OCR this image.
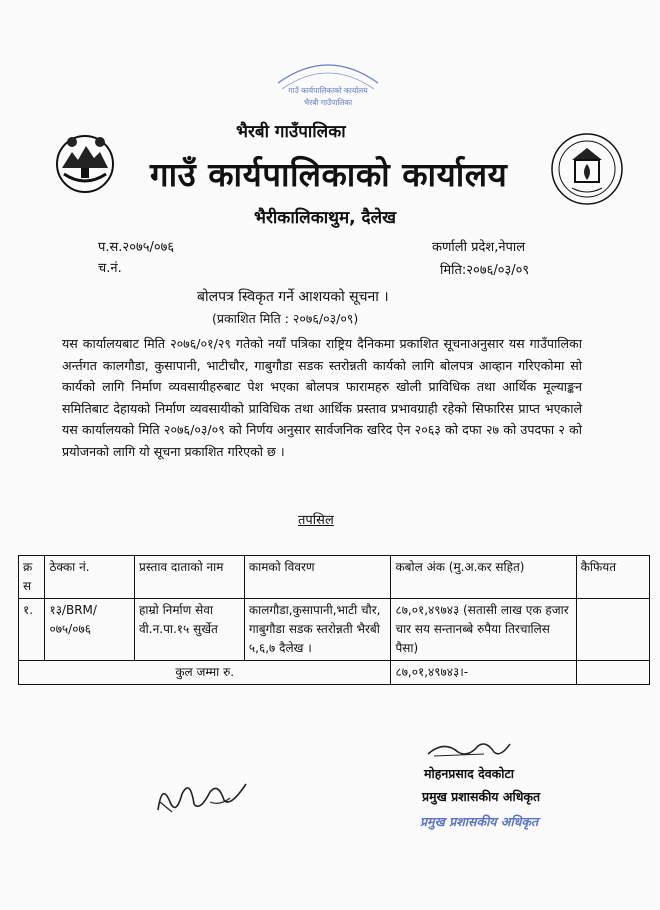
गाउँ कार्यपालिकाको कार्यालय
भैरबी गाउँपालिका
भैरबी गाउँपालिका
गाउँ कार्यपालिकाको कार्यालय
भैरीकालिकाथुम, दैलेख
प.स.२०७५/०७६
च.नं.
कर्णाली प्रदेश,नेपाल
मिति:२०७६/०३/०९
बोलपत्र स्विकृत गर्ने आशयको सूचना ।
(प्रकाशित मिति : २०७६/०३/०९)

यस कार्यालयबाट मिति २०७६/०१/२९ गतेको नयाँ पत्रिका राष्ट्रिय दैनिकमा प्रकाशित सूचनाअनुसार यस गाउँपालिका अर्न्तगत कालगौडा, कुसापानी, भाटीचौर, गाबुगौडा सडक स्तरोन्नती कार्यको लागि बोलपत्र आव्हान गरिएकोमा सो कार्यको लागि निर्माण व्यवसायीहरुबाट पेश भएका बोलपत्र फारामहरु खोली प्राविधिक तथा आर्थिक मूल्याङ्कन समितिबाट देहायको निर्माण व्यवसायीको प्राविधिक तथा आर्थिक प्रस्ताव प्रभावग्राही रहेको सिफारिस प्राप्त भएकाले यस कार्यालयको मिति २०७६/०३/०९ को निर्णय अनुसार सार्वजनिक खरिद ऐन २०६३ को दफा २७ को उपदफा २ को प्रयोजनको लागि यो सूचना प्रकाशित गरिएको छ ।

तपसिल
क्र स	ठेक्का नं.	प्रस्ताव दाताको नाम	कामको विवरण	कबोल अंक (मु.अ.कर सहित)	कैफियत
१.	१३/BRM/ ०७५/०७६	हाम्रो निर्माण सेवा वी.न.पा.१५ सुर्खेत	कालगौडा,कुसापानी,भाटी चौर, गाबुगौडा सडक स्तरोन्नती भैरबी ५,६,७ दैलेख ।	८७,०१,४९७४३ (सतासी लाख एक हजार चार सय सन्तानब्बे रुपैया तिरचालिस पैसा)	
कुल जम्मा रु.				८७,०१,४९७४३।-	
मोहनप्रसाद देवकोटा
प्रमुख प्रशासकीय अधिकृत
प्रमुख प्रशासकीय अधिकृत
